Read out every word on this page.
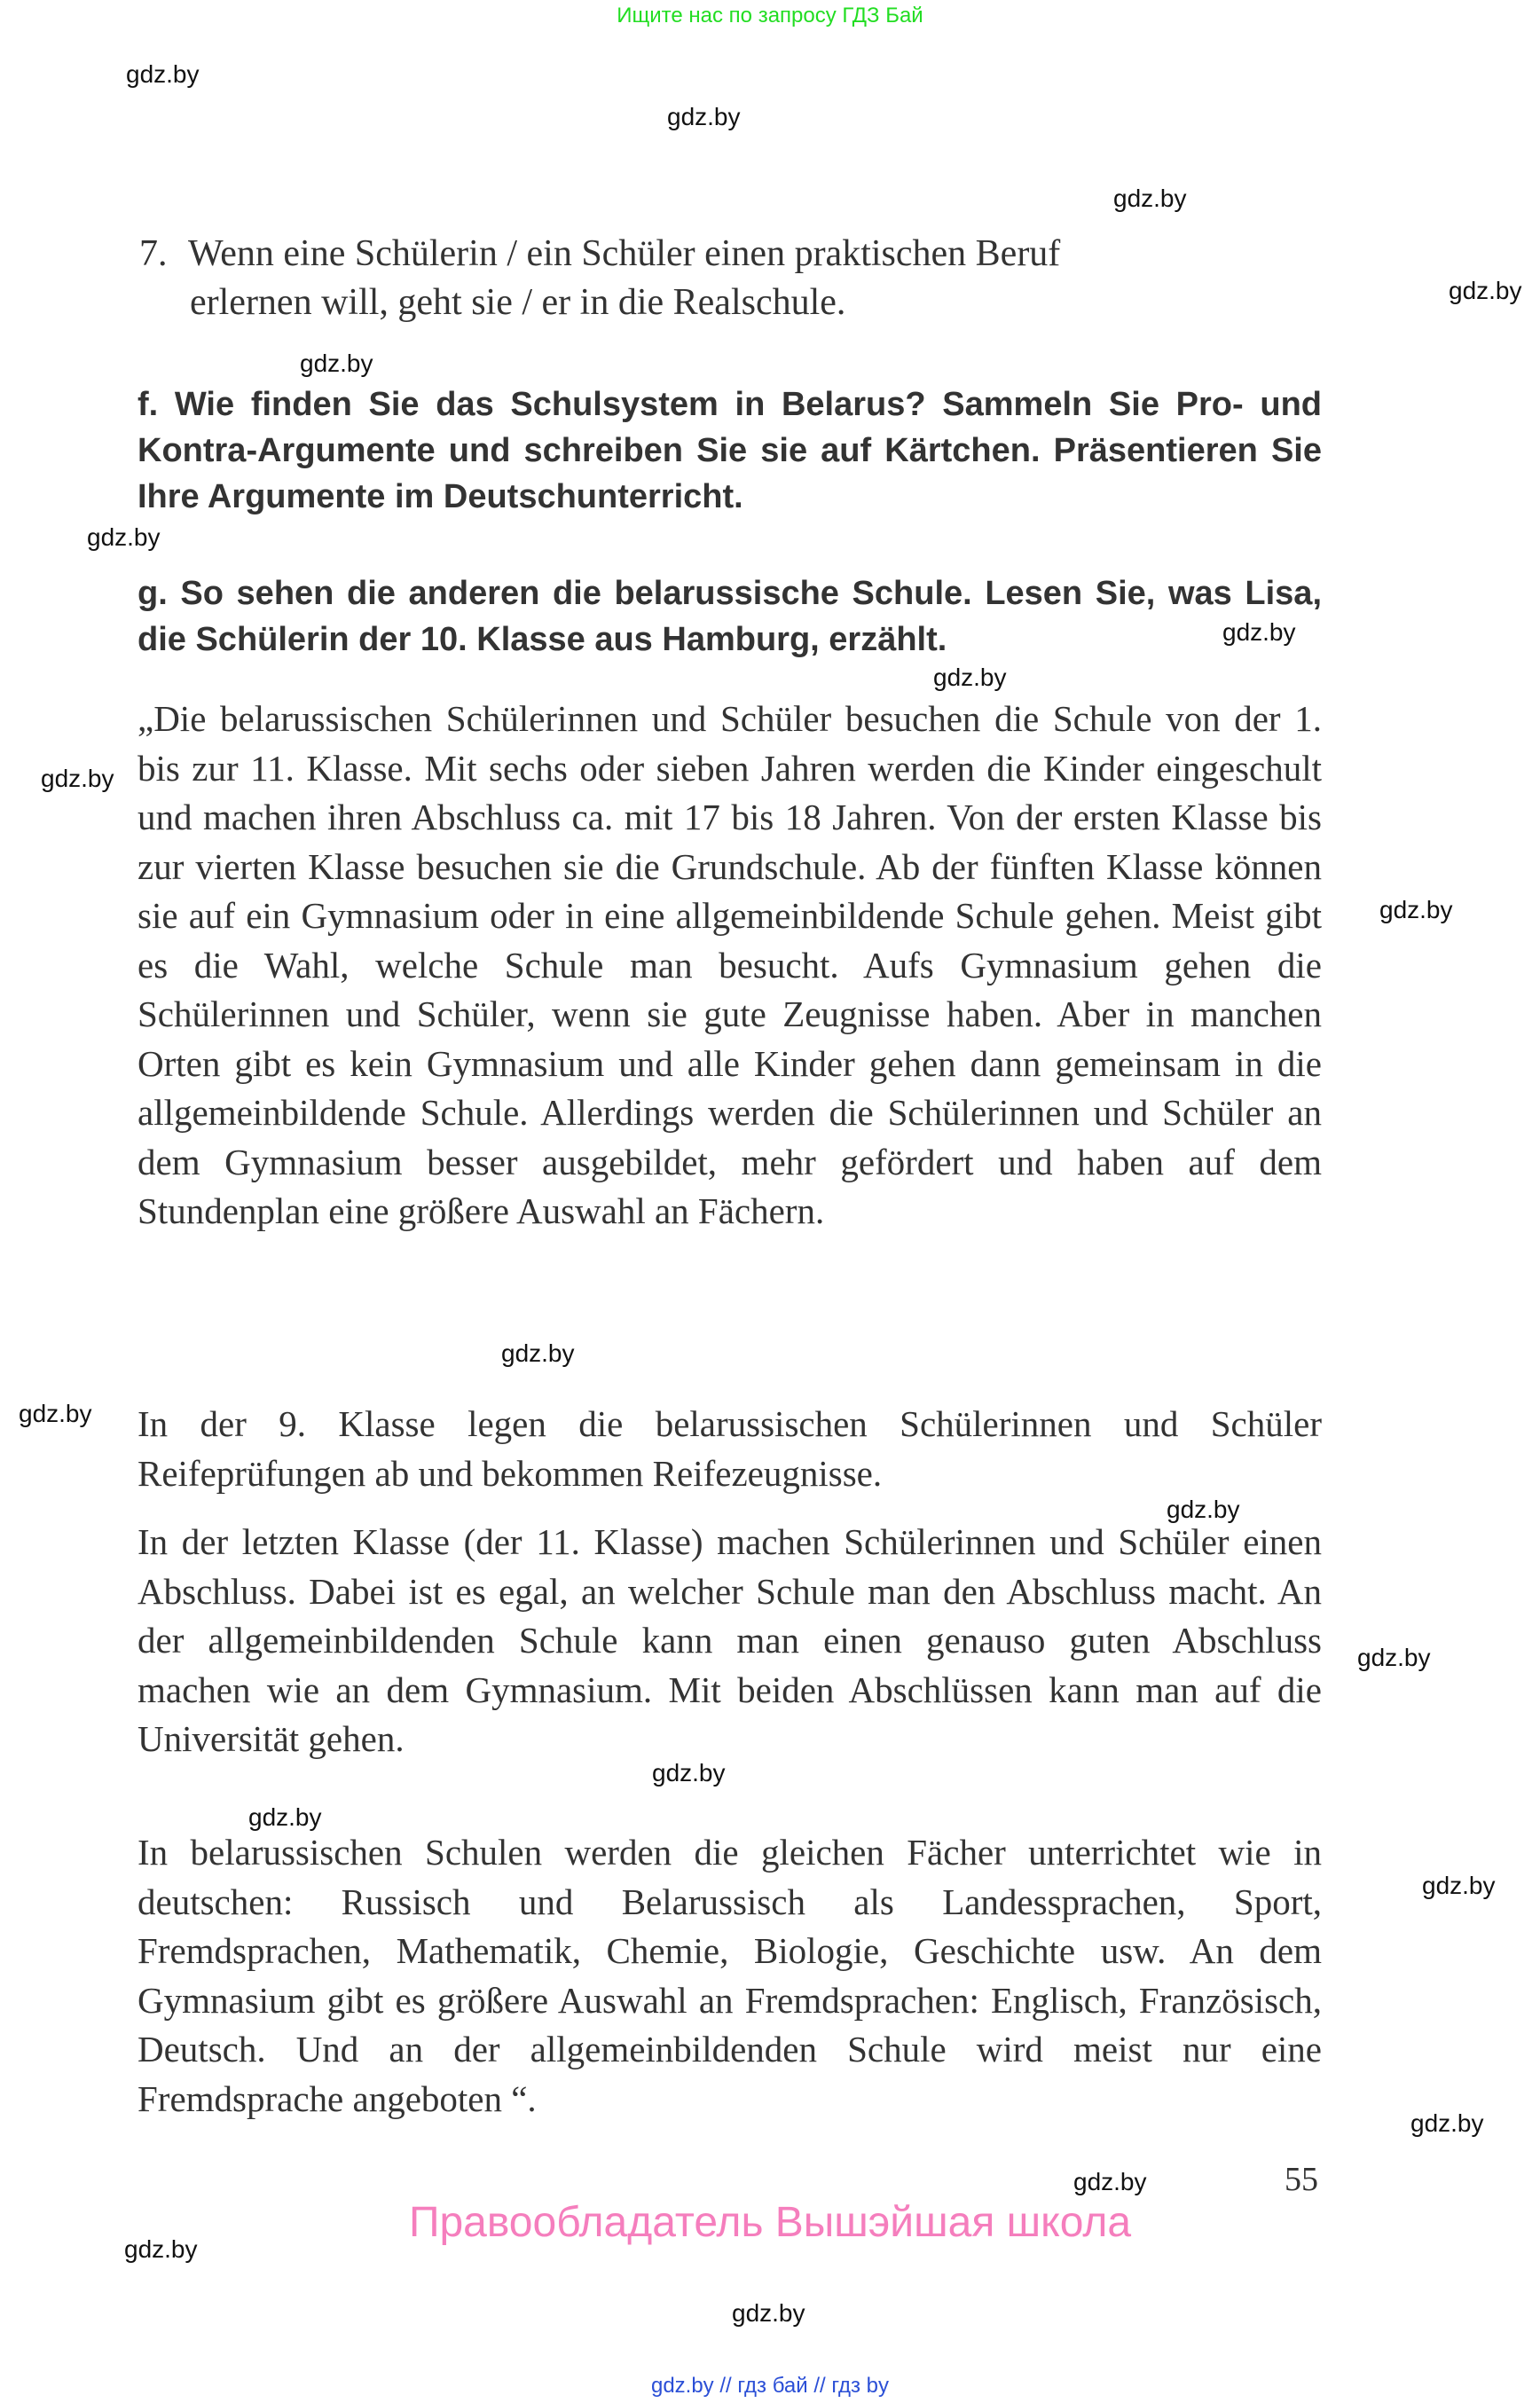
Ищите нас по запросу ГДЗ Бай
gdz.by
gdz.by
gdz.by
gdz.by
gdz.by
gdz.by
gdz.by
gdz.by
gdz.by
gdz.by
gdz.by
gdz.by
gdz.by
gdz.by
gdz.by
gdz.by
gdz.by
gdz.by
gdz.by
gdz.by
gdz.by
7. Wenn eine Schülerin / ein Schüler einen praktischen Beruf
erlernen will, geht sie / er in die Realschule.
f. Wie finden Sie das Schulsystem in Belarus? Sammeln Sie Pro- und Kontra-Argumente und schreiben Sie sie auf Kärtchen. Präsentieren Sie Ihre Argumente im Deutschunterricht.
g. So sehen die anderen die belarussische Schule. Lesen Sie, was Lisa, die Schülerin der 10. Klasse aus Hamburg, erzählt.
„Die belarussischen Schülerinnen und Schüler besuchen die Schule von der 1. bis zur 11. Klasse. Mit sechs oder sieben Jahren werden die Kinder eingeschult und machen ihren Abschluss ca. mit 17 bis 18 Jahren. Von der ersten Klasse bis zur vierten Klasse besuchen sie die Grundschule. Ab der fünften Klasse können sie auf ein Gymnasium oder in eine allgemeinbildende Schule gehen. Meist gibt es die Wahl, welche Schule man besucht. Aufs Gymnasium gehen die Schülerinnen und Schüler, wenn sie gute Zeugnisse haben. Aber in manchen Orten gibt es kein Gymnasium und alle Kinder gehen dann gemeinsam in die allgemeinbildende Schule. Allerdings werden die Schülerinnen und Schüler an dem Gymnasium besser ausgebildet, mehr gefördert und haben auf dem Stundenplan eine größere Auswahl an Fächern.
In der 9. Klasse legen die belarussischen Schülerinnen und Schüler Reifeprüfungen ab und bekommen Reifezeugnisse.
In der letzten Klasse (der 11. Klasse) machen Schülerinnen und Schüler einen Abschluss. Dabei ist es egal, an welcher Schule man den Abschluss macht. An der allgemeinbildenden Schule kann man einen genauso guten Abschluss machen wie an dem Gymnasium. Mit beiden Abschlüssen kann man auf die Universität gehen.
In belarussischen Schulen werden die gleichen Fächer unterrichtet wie in deutschen: Russisch und Belarussisch als Landessprachen, Sport, Fremdsprachen, Mathematik, Chemie, Biologie, Geschichte usw. An dem Gymnasium gibt es größere Auswahl an Fremdsprachen: Englisch, Französisch, Deutsch. Und an der allgemeinbildenden Schule wird meist nur eine Fremdsprache angeboten “.
55
Правообладатель Вышэйшая школа
gdz.by // гдз бай // гдз by
